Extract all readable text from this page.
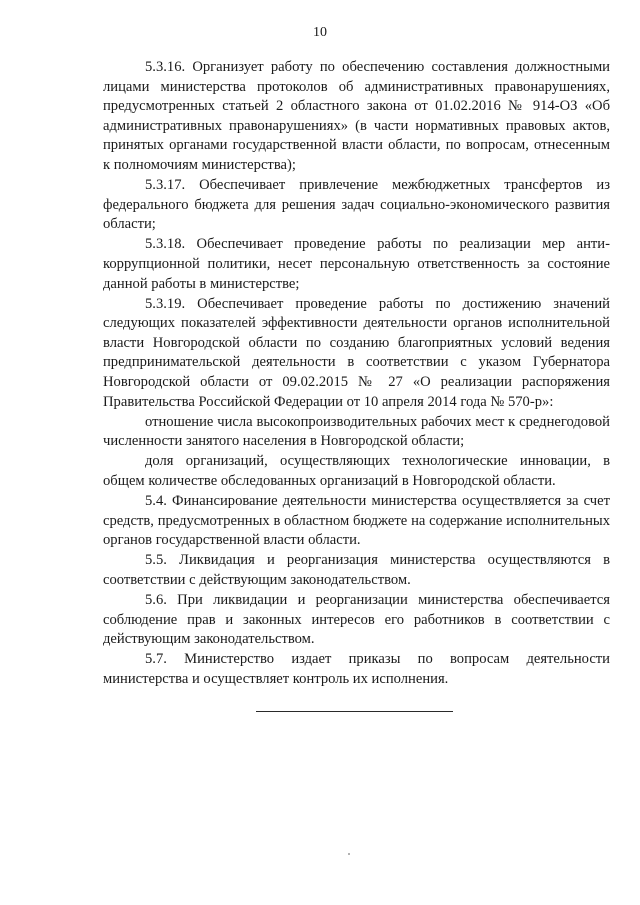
10

5.3.16. Организует работу по обеспечению составления должностными лицами министерства протоколов об административных правонарушениях, предусмотренных статьей 2 областного закона от 01.02.2016 № 914-ОЗ «Об административных правонарушениях» (в части нормативных правовых актов, принятых органами государственной власти области, по вопросам, отнесенным к полномочиям министерства);

5.3.17. Обеспечивает привлечение межбюджетных трансфертов из федерального бюджета для решения задач социально-экономического развития области;

5.3.18. Обеспечивает проведение работы по реализации мер антикоррупционной политики, несет персональную ответственность за состояние данной работы в министерстве;

5.3.19. Обеспечивает проведение работы по достижению значений следующих показателей эффективности деятельности органов исполнительной власти Новгородской области по созданию благоприятных условий ведения предпринимательской деятельности в соответствии с указом Губернатора Новгородской области от 09.02.2015 № 27 «О реализации распоряжения Правительства Российской Федерации от 10 апреля 2014 года № 570-р»:

отношение числа высокопроизводительных рабочих мест к среднегодовой численности занятого населения в Новгородской области;

доля организаций, осуществляющих технологические инновации, в общем количестве обследованных организаций в Новгородской области.

5.4. Финансирование деятельности министерства осуществляется за счет средств, предусмотренных в областном бюджете на содержание исполнительных органов государственной власти области.

5.5. Ликвидация и реорганизация министерства осуществляются в соответствии с действующим законодательством.

5.6. При ликвидации и реорганизации министерства обеспечивается соблюдение прав и законных интересов его работников в соответствии с действующим законодательством.

5.7. Министерство издает приказы по вопросам деятельности министерства и осуществляет контроль их исполнения.
